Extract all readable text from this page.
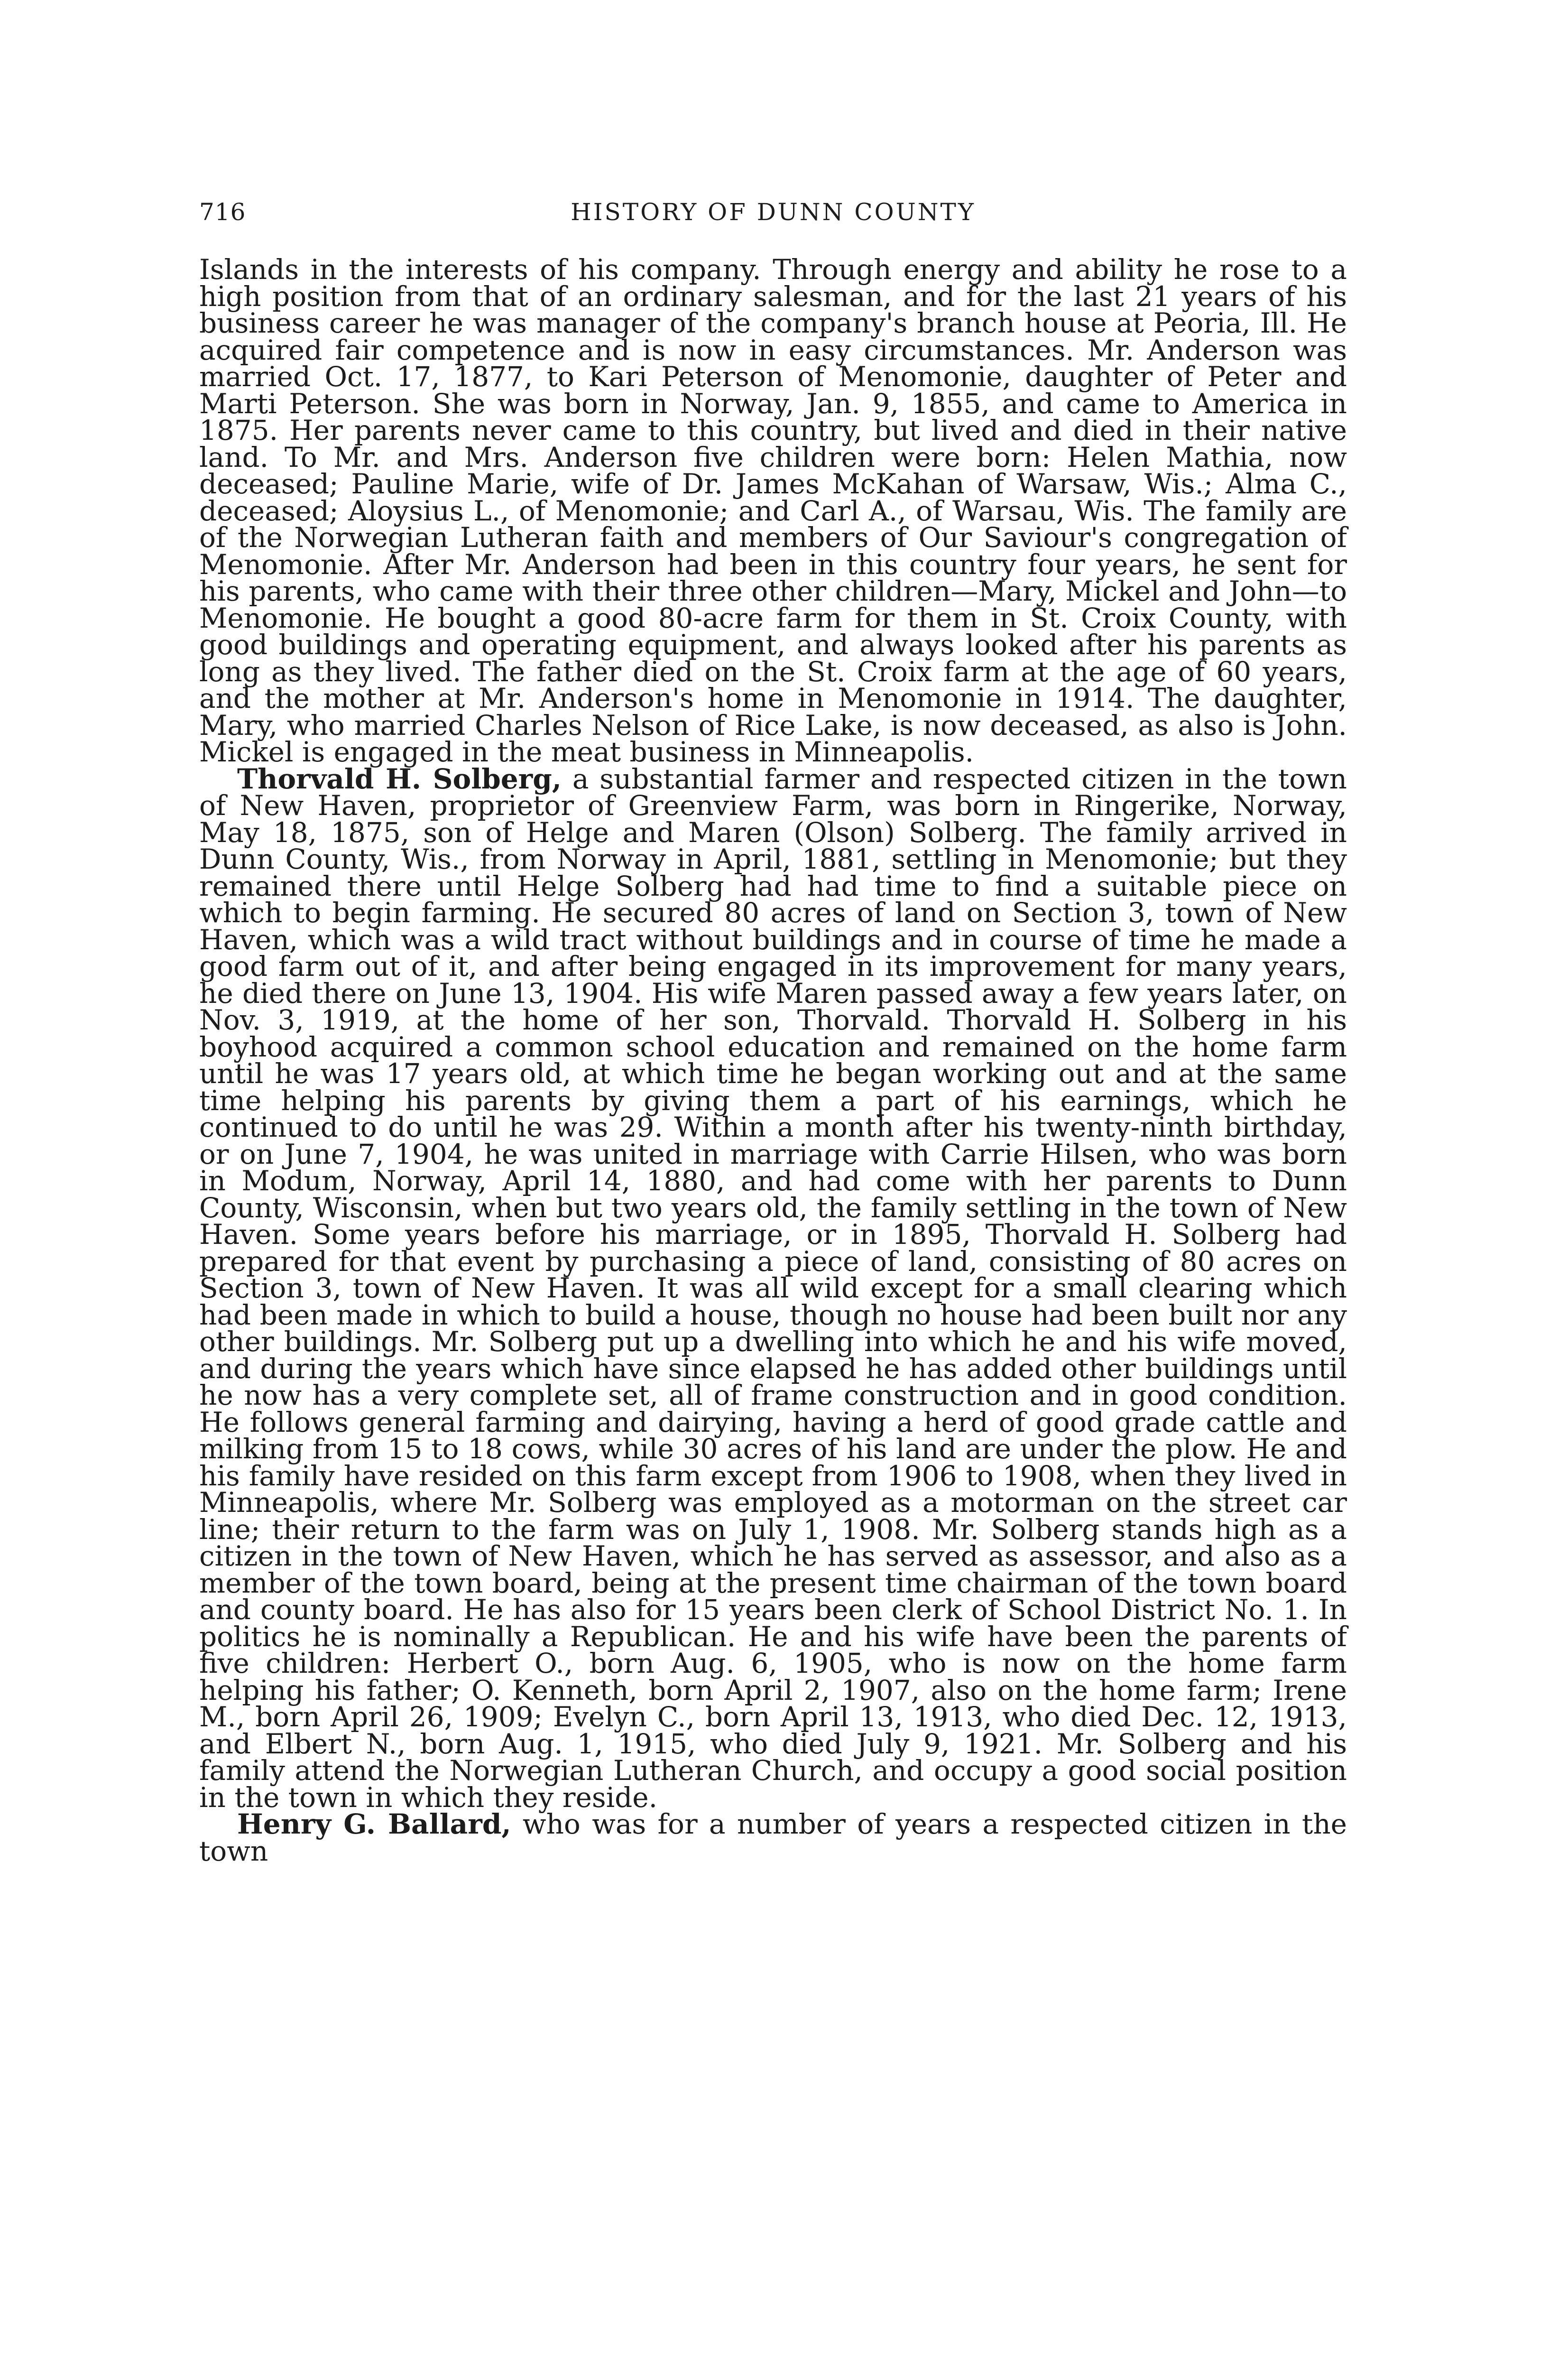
716	HISTORY OF DUNN COUNTY

Islands in the interests of his company. Through energy and ability he rose to a high position from that of an ordinary salesman, and for the last 21 years of his business career he was manager of the company's branch house at Peoria, Ill. He acquired fair competence and is now in easy circumstances. Mr. Anderson was married Oct. 17, 1877, to Kari Peterson of Menomonie, daughter of Peter and Marti Peterson. She was born in Norway, Jan. 9, 1855, and came to America in 1875. Her parents never came to this country, but lived and died in their native land. To Mr. and Mrs. Anderson five children were born: Helen Mathia, now deceased; Pauline Marie, wife of Dr. James McKahan of Warsaw, Wis.; Alma C., deceased; Aloysius L., of Menomonie; and Carl A., of Warsau, Wis. The family are of the Norwegian Lutheran faith and members of Our Saviour's congregation of Menomonie. After Mr. Anderson had been in this country four years, he sent for his parents, who came with their three other children—Mary, Mickel and John—to Menomonie. He bought a good 80-acre farm for them in St. Croix County, with good buildings and operating equipment, and always looked after his parents as long as they lived. The father died on the St. Croix farm at the age of 60 years, and the mother at Mr. Anderson's home in Menomonie in 1914. The daughter, Mary, who married Charles Nelson of Rice Lake, is now deceased, as also is John. Mickel is engaged in the meat business in Minneapolis.

Thorvald H. Solberg, a substantial farmer and respected citizen in the town of New Haven, proprietor of Greenview Farm, was born in Ringerike, Norway, May 18, 1875, son of Helge and Maren (Olson) Solberg. The family arrived in Dunn County, Wis., from Norway in April, 1881, settling in Menomonie; but they remained there until Helge Solberg had had time to find a suitable piece on which to begin farming. He secured 80 acres of land on Section 3, town of New Haven, which was a wild tract without buildings and in course of time he made a good farm out of it, and after being engaged in its improvement for many years, he died there on June 13, 1904. His wife Maren passed away a few years later, on Nov. 3, 1919, at the home of her son, Thorvald. Thorvald H. Solberg in his boyhood acquired a common school education and remained on the home farm until he was 17 years old, at which time he began working out and at the same time helping his parents by giving them a part of his earnings, which he continued to do until he was 29. Within a month after his twenty-ninth birthday, or on June 7, 1904, he was united in marriage with Carrie Hilsen, who was born in Modum, Norway, April 14, 1880, and had come with her parents to Dunn County, Wisconsin, when but two years old, the family settling in the town of New Haven. Some years before his marriage, or in 1895, Thorvald H. Solberg had prepared for that event by purchasing a piece of land, consisting of 80 acres on Section 3, town of New Haven. It was all wild except for a small clearing which had been made in which to build a house, though no house had been built nor any other buildings. Mr. Solberg put up a dwelling into which he and his wife moved, and during the years which have since elapsed he has added other buildings until he now has a very complete set, all of frame construction and in good condition. He follows general farming and dairying, having a herd of good grade cattle and milking from 15 to 18 cows, while 30 acres of his land are under the plow. He and his family have resided on this farm except from 1906 to 1908, when they lived in Minneapolis, where Mr. Solberg was employed as a motorman on the street car line; their return to the farm was on July 1, 1908. Mr. Solberg stands high as a citizen in the town of New Haven, which he has served as assessor, and also as a member of the town board, being at the present time chairman of the town board and county board. He has also for 15 years been clerk of School District No. 1. In politics he is nominally a Republican. He and his wife have been the parents of five children: Herbert O., born Aug. 6, 1905, who is now on the home farm helping his father; O. Kenneth, born April 2, 1907, also on the home farm; Irene M., born April 26, 1909; Evelyn C., born April 13, 1913, who died Dec. 12, 1913, and Elbert N., born Aug. 1, 1915, who died July 9, 1921. Mr. Solberg and his family attend the Norwegian Lutheran Church, and occupy a good social position in the town in which they reside.

Henry G. Ballard, who was for a number of years a respected citizen in the town
